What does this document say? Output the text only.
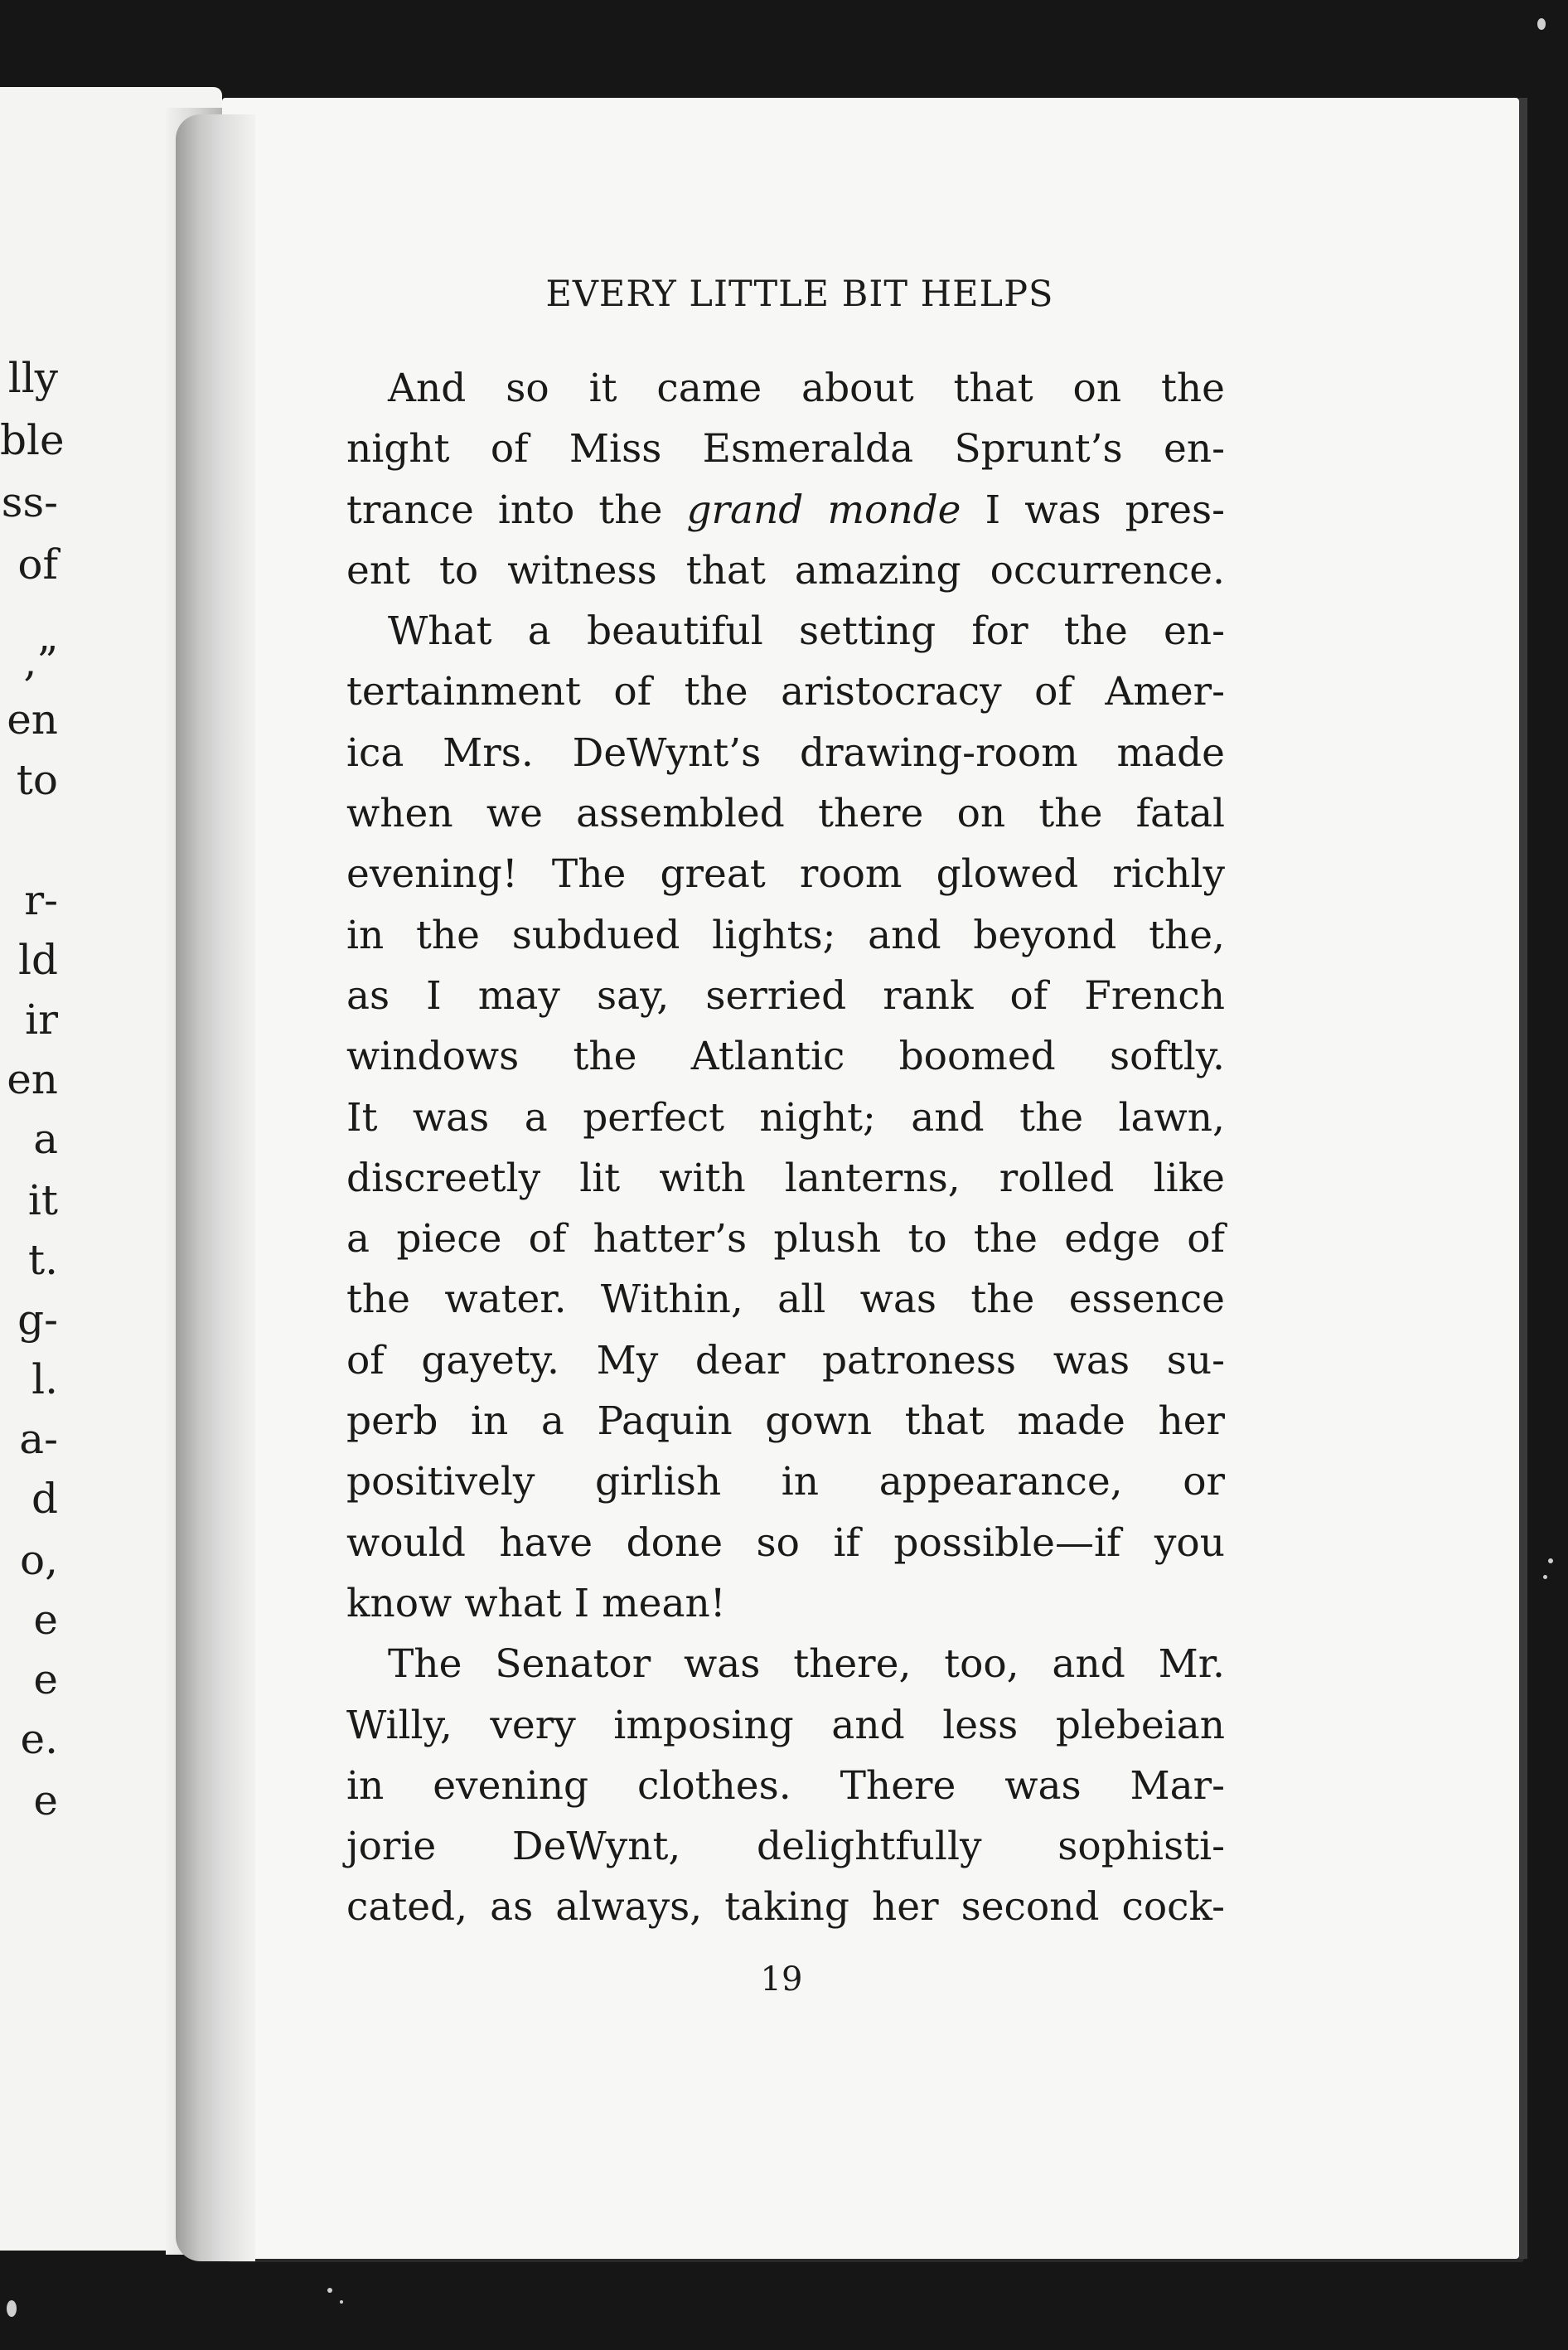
lly
ble
ss-
of
,”
en
to
r-
ld
ir
en
a
it
t.
g-
l.
a-
d
o,
e
e
e.
e
EVERY LITTLE BIT HELPS
And so it came about that on the
night of Miss Esmeralda Sprunt’s en-
trance into the grand monde I was pres-
ent to witness that amazing occurrence.
What a beautiful setting for the en-
tertainment of the aristocracy of Amer-
ica Mrs. DeWynt’s drawing-room made
when we assembled there on the fatal
evening! The great room glowed richly
in the subdued lights; and beyond the,
as I may say, serried rank of French
windows the Atlantic boomed softly.
It was a perfect night; and the lawn,
discreetly lit with lanterns, rolled like
a piece of hatter’s plush to the edge of
the water. Within, all was the essence
of gayety. My dear patroness was su-
perb in a Paquin gown that made her
positively girlish in appearance, or
would have done so if possible—if you
know what I mean!
The Senator was there, too, and Mr.
Willy, very imposing and less plebeian
in evening clothes. There was Mar-
jorie DeWynt, delightfully sophisti-
cated, as always, taking her second cock-
19
